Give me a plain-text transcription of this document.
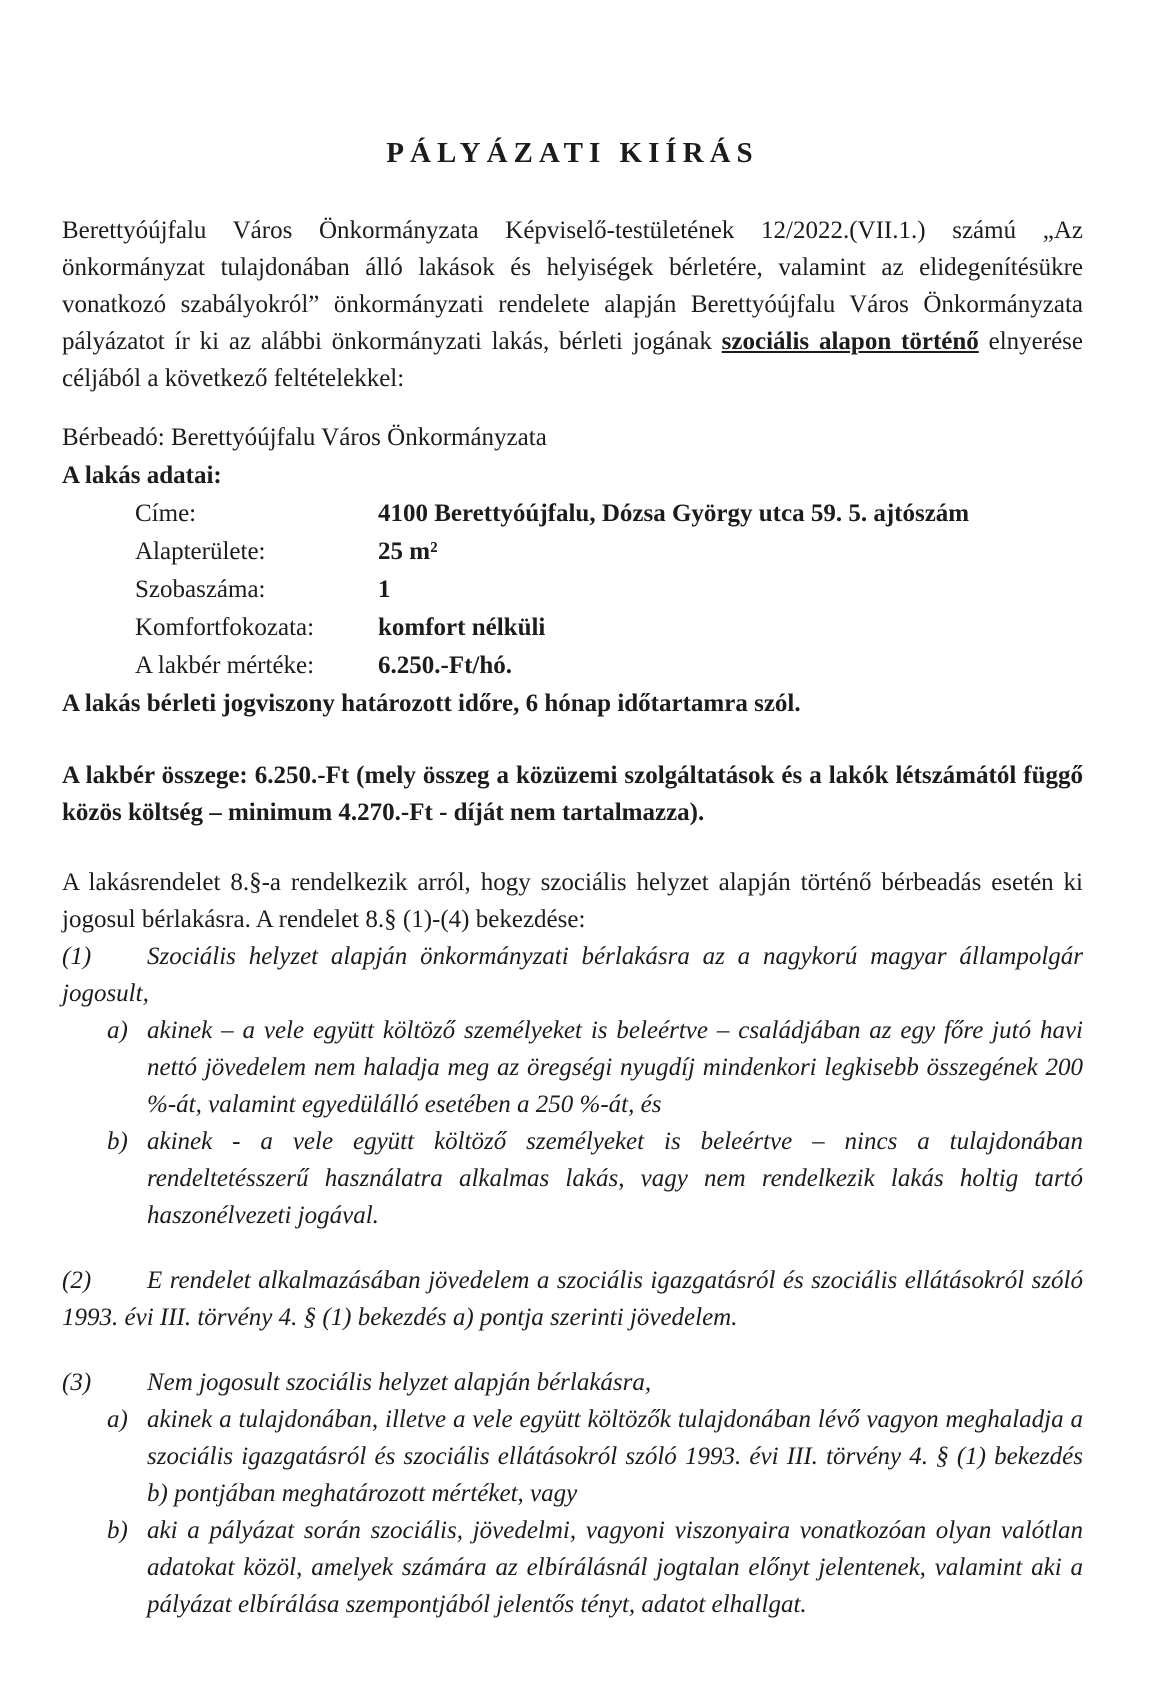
PÁLYÁZATI KIÍRÁS

Berettyóújfalu Város Önkormányzata Képviselő-testületének 12/2022.(VII.1.) számú „Az önkormányzat tulajdonában álló lakások és helyiségek bérletére, valamint az elidegenítésükre vonatkozó szabályokról” önkormányzati rendelete alapján Berettyóújfalu Város Önkormányzata pályázatot ír ki az alábbi önkormányzati lakás, bérleti jogának szociális alapon történő elnyerése céljából a következő feltételekkel:

Bérbeadó: Berettyóújfalu Város Önkormányzata

A lakás adatai:

Címe:	4100 Berettyóújfalu, Dózsa György utca 59. 5. ajtószám
Alapterülete:	25 m²
Szobaszáma:	1
Komfortfokozata:	komfort nélküli
A lakbér mértéke:	6.250.-Ft/hó.

A lakás bérleti jogviszony határozott időre, 6 hónap időtartamra szól.

A lakbér összege: 6.250.-Ft (mely összeg a közüzemi szolgáltatások és a lakók létszámától függő közös költség – minimum 4.270.-Ft - díját nem tartalmazza).

A lakásrendelet 8.§-a rendelkezik arról, hogy szociális helyzet alapján történő bérbeadás esetén ki jogosul bérlakásra. A rendelet 8.§ (1)-(4) bekezdése:

(1) Szociális helyzet alapján önkormányzati bérlakásra az a nagykorú magyar állampolgár jogosult,
a) akinek – a vele együtt költöző személyeket is beleértve – családjában az egy főre jutó havi nettó jövedelem nem haladja meg az öregségi nyugdíj mindenkori legkisebb összegének 200 %-át, valamint egyedülálló esetében a 250 %-át, és
b) akinek - a vele együtt költöző személyeket is beleértve – nincs a tulajdonában rendeltetésszerű használatra alkalmas lakás, vagy nem rendelkezik lakás holtig tartó haszonélvezeti jogával.
(2) E rendelet alkalmazásában jövedelem a szociális igazgatásról és szociális ellátásokról szóló 1993. évi III. törvény 4. § (1) bekezdés a) pontja szerinti jövedelem.
(3) Nem jogosult szociális helyzet alapján bérlakásra,
a) akinek a tulajdonában, illetve a vele együtt költözők tulajdonában lévő vagyon meghaladja a szociális igazgatásról és szociális ellátásokról szóló 1993. évi III. törvény 4. § (1) bekezdés b) pontjában meghatározott mértéket, vagy
b) aki a pályázat során szociális, jövedelmi, vagyoni viszonyaira vonatkozóan olyan valótlan adatokat közöl, amelyek számára az elbírálásnál jogtalan előnyt jelentenek, valamint aki a pályázat elbírálása szempontjából jelentős tényt, adatot elhallgat.
